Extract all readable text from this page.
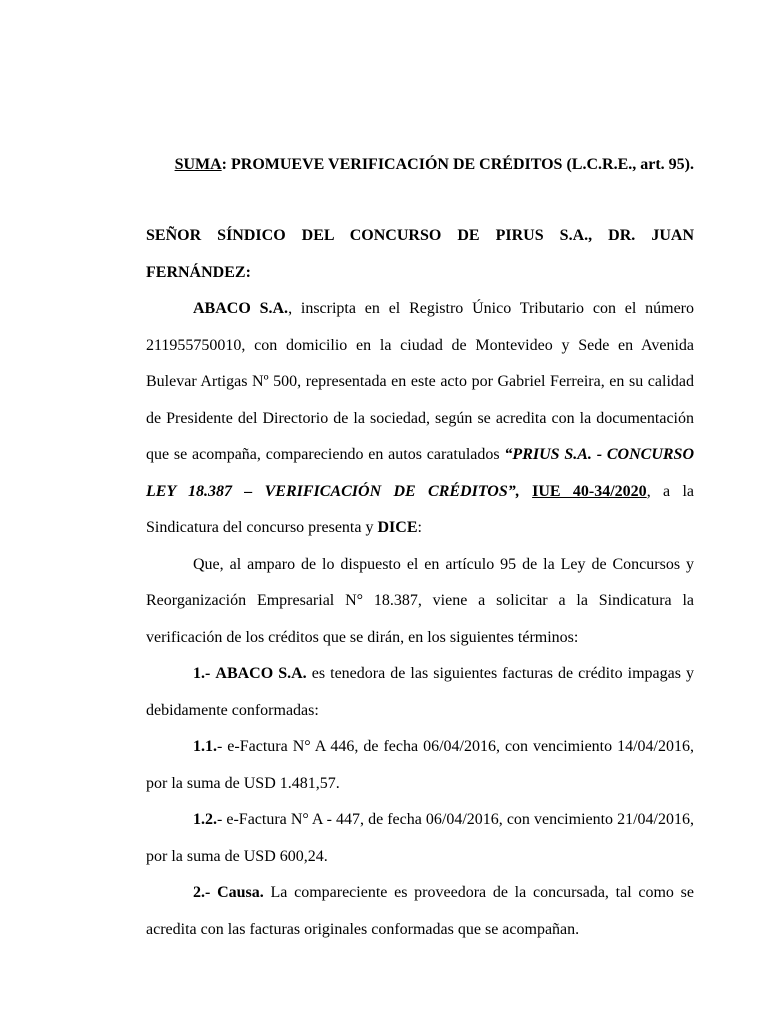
SUMA: PROMUEVE VERIFICACIÓN DE CRÉDITOS (L.C.R.E., art. 95).

SEÑOR SÍNDICO DEL CONCURSO DE PIRUS S.A., DR. JUAN FERNÁNDEZ:

ABACO S.A., inscripta en el Registro Único Tributario con el número 211955750010, con domicilio en la ciudad de Montevideo y Sede en Avenida Bulevar Artigas Nº 500, representada en este acto por Gabriel Ferreira, en su calidad de Presidente del Directorio de la sociedad, según se acredita con la documentación que se acompaña, compareciendo en autos caratulados “PRIUS S.A. - CONCURSO LEY 18.387 – VERIFICACIÓN DE CRÉDITOS”, IUE 40-34/2020, a la Sindicatura del concurso presenta y DICE:

Que, al amparo de lo dispuesto el en artículo 95 de la Ley de Concursos y Reorganización Empresarial N° 18.387, viene a solicitar a la Sindicatura la verificación de los créditos que se dirán, en los siguientes términos:

1.- ABACO S.A. es tenedora de las siguientes facturas de crédito impagas y debidamente conformadas:

1.1.- e-Factura N° A 446, de fecha 06/04/2016, con vencimiento 14/04/2016, por la suma de USD 1.481,57.

1.2.- e-Factura N° A - 447, de fecha 06/04/2016, con vencimiento 21/04/2016, por la suma de USD 600,24.

2.- Causa. La compareciente es proveedora de la concursada, tal como se acredita con las facturas originales conformadas que se acompañan.
